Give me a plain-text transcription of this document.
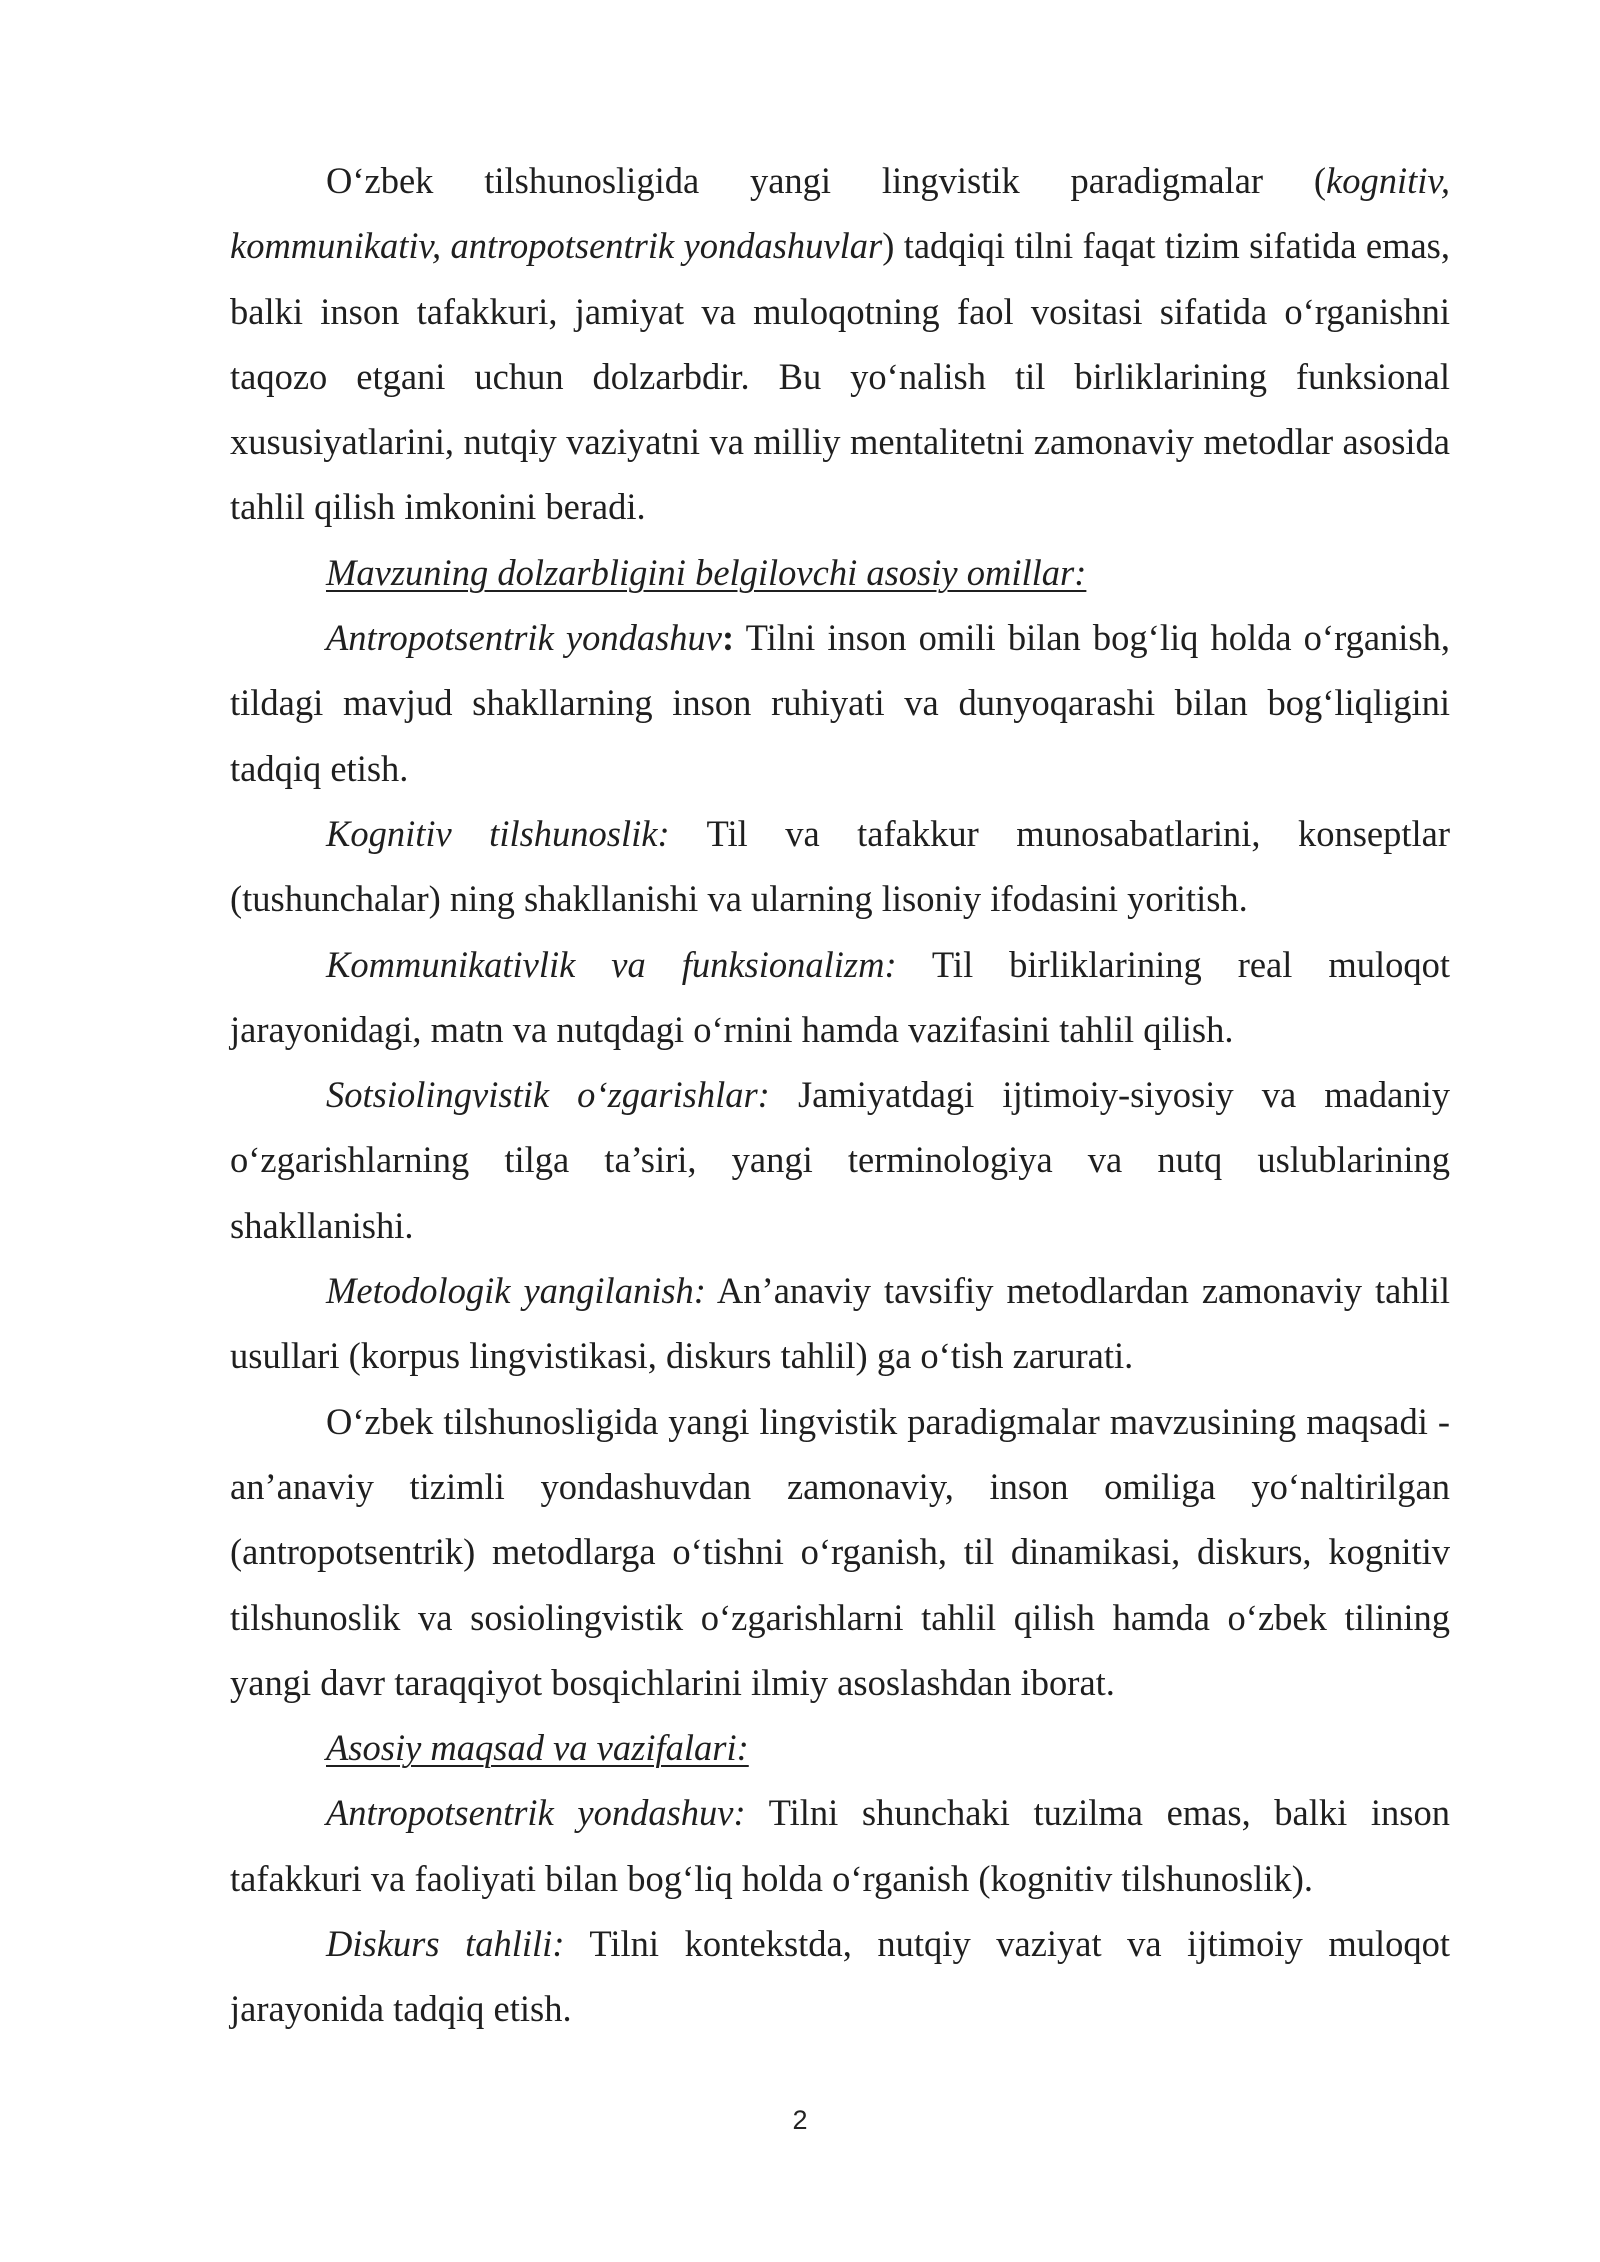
O‘zbek tilshunosligida yangi lingvistik paradigmalar (kognitiv, kommunikativ, antropotsentrik yondashuvlar) tadqiqi tilni faqat tizim sifatida emas, balki inson tafakkuri, jamiyat va muloqotning faol vositasi sifatida o‘rganishni taqozo etgani uchun dolzarbdir. Bu yo‘nalish til birliklarining funksional xususiyatlarini, nutqiy vaziyatni va milliy mentalitetni zamonaviy metodlar asosida tahlil qilish imkonini beradi.

Mavzuning dolzarbligini belgilovchi asosiy omillar:

Antropotsentrik yondashuv: Tilni inson omili bilan bog‘liq holda o‘rganish, tildagi mavjud shakllarning inson ruhiyati va dunyoqarashi bilan bog‘liqligini tadqiq etish.

Kognitiv tilshunoslik: Til va tafakkur munosabatlarini, konseptlar (tushunchalar) ning shakllanishi va ularning lisoniy ifodasini yoritish.

Kommunikativlik va funksionalizm: Til birliklarining real muloqot jarayonidagi, matn va nutqdagi o‘rnini hamda vazifasini tahlil qilish.

Sotsiolingvistik o‘zgarishlar: Jamiyatdagi ijtimoiy-siyosiy va madaniy o‘zgarishlarning tilga ta’siri, yangi terminologiya va nutq uslublarining shakllanishi.

Metodologik yangilanish: An’anaviy tavsifiy metodlardan zamonaviy tahlil usullari (korpus lingvistikasi, diskurs tahlil) ga o‘tish zarurati.

O‘zbek tilshunosligida yangi lingvistik paradigmalar mavzusining maqsadi - an’anaviy tizimli yondashuvdan zamonaviy, inson omiliga yo‘naltirilgan (antropotsentrik) metodlarga o‘tishni o‘rganish, til dinamikasi, diskurs, kognitiv tilshunoslik va sosiolingvistik o‘zgarishlarni tahlil qilish hamda o‘zbek tilining yangi davr taraqqiyot bosqichlarini ilmiy asoslashdan iborat.

Asosiy maqsad va vazifalari:

Antropotsentrik yondashuv: Tilni shunchaki tuzilma emas, balki inson tafakkuri va faoliyati bilan bog‘liq holda o‘rganish (kognitiv tilshunoslik).

Diskurs tahlili: Tilni kontekstda, nutqiy vaziyat va ijtimoiy muloqot jarayonida tadqiq etish.

2
